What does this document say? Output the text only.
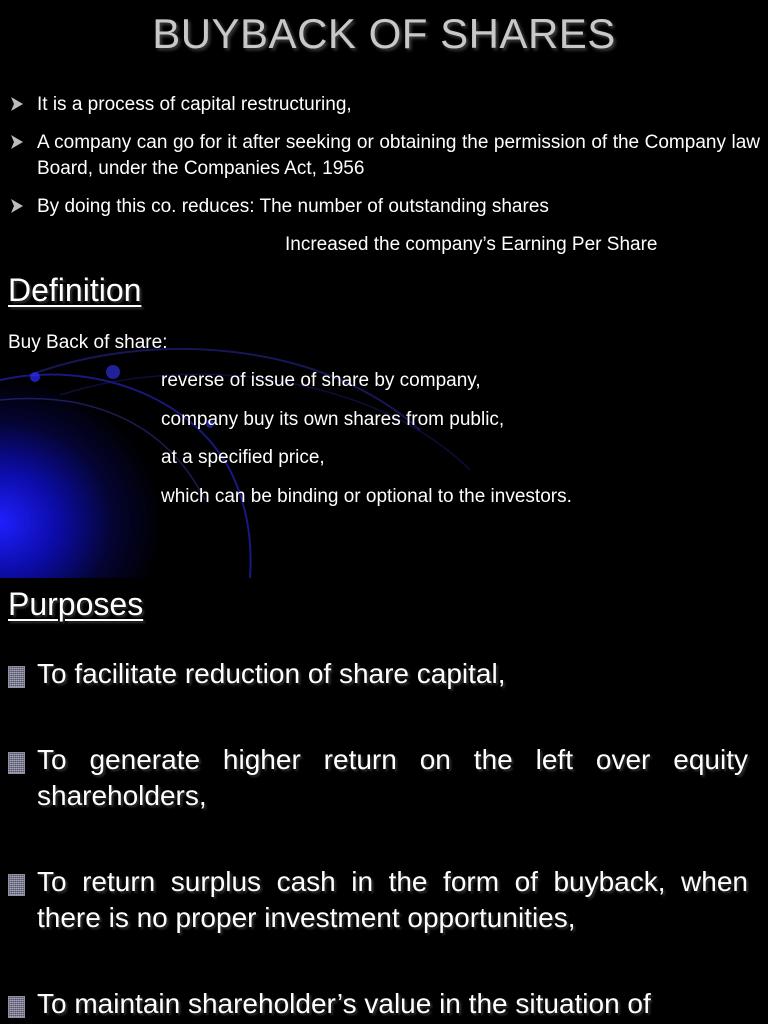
BUYBACK OF SHARES
It is a process of capital restructuring,
A company can go for it after seeking or obtaining the permission of the Company law Board, under the Companies Act, 1956
By doing this co. reduces: The number of outstanding shares
Increased the company’s Earning Per Share
Definition
Buy Back of share:
reverse of issue of share by company,
company buy its own shares from public,
at a specified price,
which can be binding or optional to the investors.
Purposes
To facilitate reduction of share capital,
To generate higher return on the left over equity shareholders,
To return surplus cash in the form of buyback, when there is no proper investment opportunities,
To maintain shareholder’s value in the situation of
